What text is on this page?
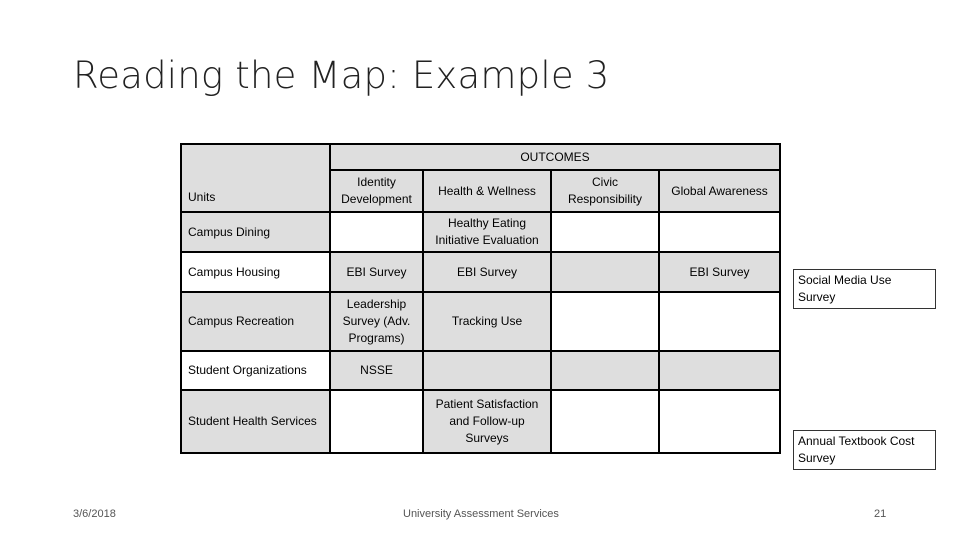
Reading the Map: Example 3
Units	OUTCOMES			
	Identity Development	Health & Wellness	Civic Responsibility	Global Awareness
Campus Dining		Healthy Eating Initiative Evaluation		
Campus Housing	EBI Survey	EBI Survey		EBI Survey
Campus Recreation	Leadership Survey (Adv. Programs)	Tracking Use		
Student Organizations	NSSE			
Student Health Services		Patient Satisfaction and Follow-up Surveys		
Social Media Use Survey
Annual Textbook Cost Survey
3/6/2018	University Assessment Services	21
